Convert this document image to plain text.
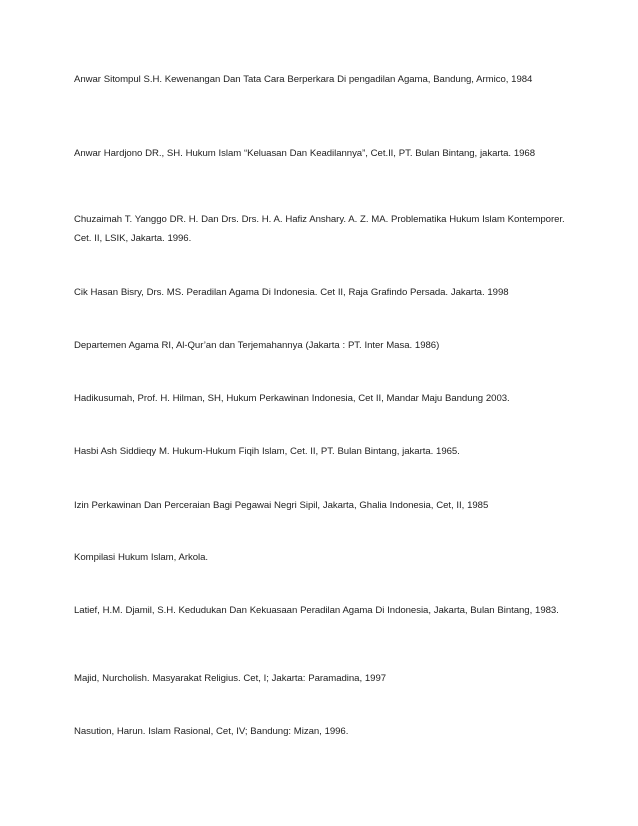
Anwar Sitompul S.H. Kewenangan Dan Tata Cara Berperkara Di pengadilan Agama, Bandung, Armico, 1984

Anwar Hardjono DR., SH. Hukum Islam “Keluasan Dan Keadilannya”, Cet.II, PT. Bulan Bintang, jakarta. 1968

Chuzaimah T. Yanggo DR. H. Dan Drs. Drs. H. A. Hafiz Anshary. A. Z. MA. Problematika Hukum Islam Kontemporer. Cet. II, LSIK, Jakarta. 1996.

Cik Hasan Bisry, Drs. MS. Peradilan Agama Di Indonesia. Cet II, Raja Grafindo Persada. Jakarta. 1998

Departemen Agama RI, Al-Qur’an dan Terjemahannya (Jakarta : PT. Inter Masa. 1986)

Hadikusumah, Prof. H. Hilman, SH, Hukum Perkawinan Indonesia, Cet II, Mandar Maju Bandung 2003.

Hasbi Ash Siddieqy M. Hukum-Hukum Fiqih Islam, Cet. II, PT. Bulan Bintang, jakarta. 1965.

Izin Perkawinan Dan Perceraian Bagi Pegawai Negri Sipil, Jakarta, Ghalia Indonesia, Cet, II, 1985

Kompilasi Hukum Islam, Arkola.

Latief, H.M. Djamil, S.H. Kedudukan Dan Kekuasaan Peradilan Agama Di Indonesia, Jakarta, Bulan Bintang, 1983.

Majid, Nurcholish. Masyarakat Religius. Cet, I; Jakarta: Paramadina, 1997

Nasution, Harun. Islam Rasional, Cet, IV; Bandung: Mizan, 1996.
